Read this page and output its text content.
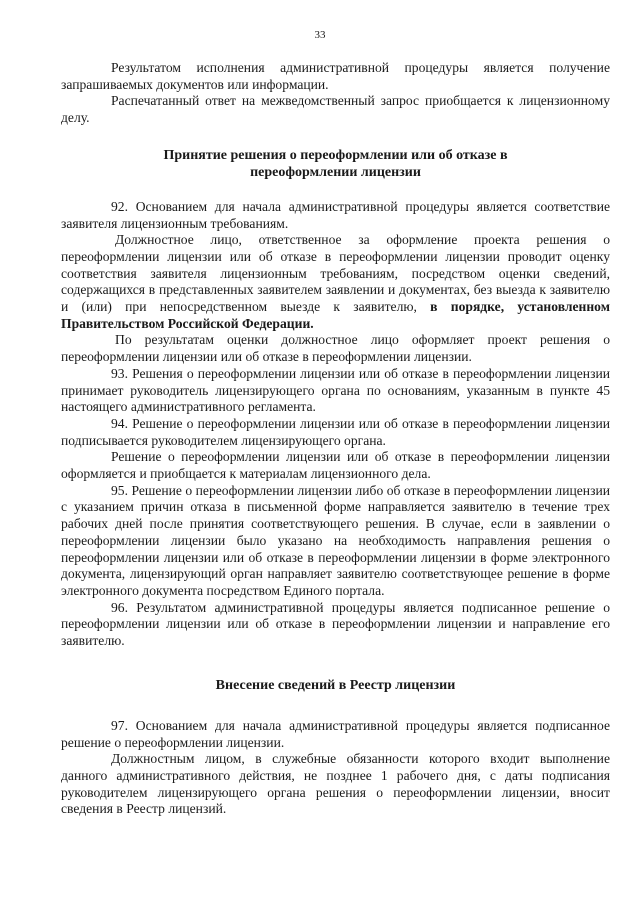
33

Результатом исполнения административной процедуры является получение запрашиваемых документов или информации.

Распечатанный ответ на межведомственный запрос приобщается к лицензионному делу.

Принятие решения о переоформлении или об отказе в переоформлении лицензии

92. Основанием для начала административной процедуры является соответствие заявителя лицензионным требованиям.

Должностное лицо, ответственное за оформление проекта решения о переоформлении лицензии или об отказе в переоформлении лицензии проводит оценку соответствия заявителя лицензионным требованиям, посредством оценки сведений, содержащихся в представленных заявителем заявлении и документах, без выезда к заявителю и (или) при непосредственном выезде к заявителю, в порядке, установленном Правительством Российской Федерации.

По результатам оценки должностное лицо оформляет проект решения о переоформлении лицензии или об отказе в переоформлении лицензии.

93. Решения о переоформлении лицензии или об отказе в переоформлении лицензии принимает руководитель лицензирующего органа по основаниям, указанным в пункте 45 настоящего административного регламента.

94. Решение о переоформлении лицензии или об отказе в переоформлении лицензии подписывается руководителем лицензирующего органа.

Решение о переоформлении лицензии или об отказе в переоформлении лицензии оформляется и приобщается к материалам лицензионного дела.

95. Решение о переоформлении лицензии либо об отказе в переоформлении лицензии с указанием причин отказа в письменной форме направляется заявителю в течение трех рабочих дней после принятия соответствующего решения. В случае, если в заявлении о переоформлении лицензии было указано на необходимость направления решения о переоформлении лицензии или об отказе в переоформлении лицензии в форме электронного документа, лицензирующий орган направляет заявителю соответствующее решение в форме электронного документа посредством Единого портала.

96. Результатом административной процедуры является подписанное решение о переоформлении лицензии или об отказе в переоформлении лицензии и направление его заявителю.

Внесение сведений в Реестр лицензии

97. Основанием для начала административной процедуры является подписанное решение о переоформлении лицензии.

Должностным лицом, в служебные обязанности которого входит выполнение данного административного действия, не позднее 1 рабочего дня, с даты подписания руководителем лицензирующего органа решения о переоформлении лицензии, вносит сведения в Реестр лицензий.
